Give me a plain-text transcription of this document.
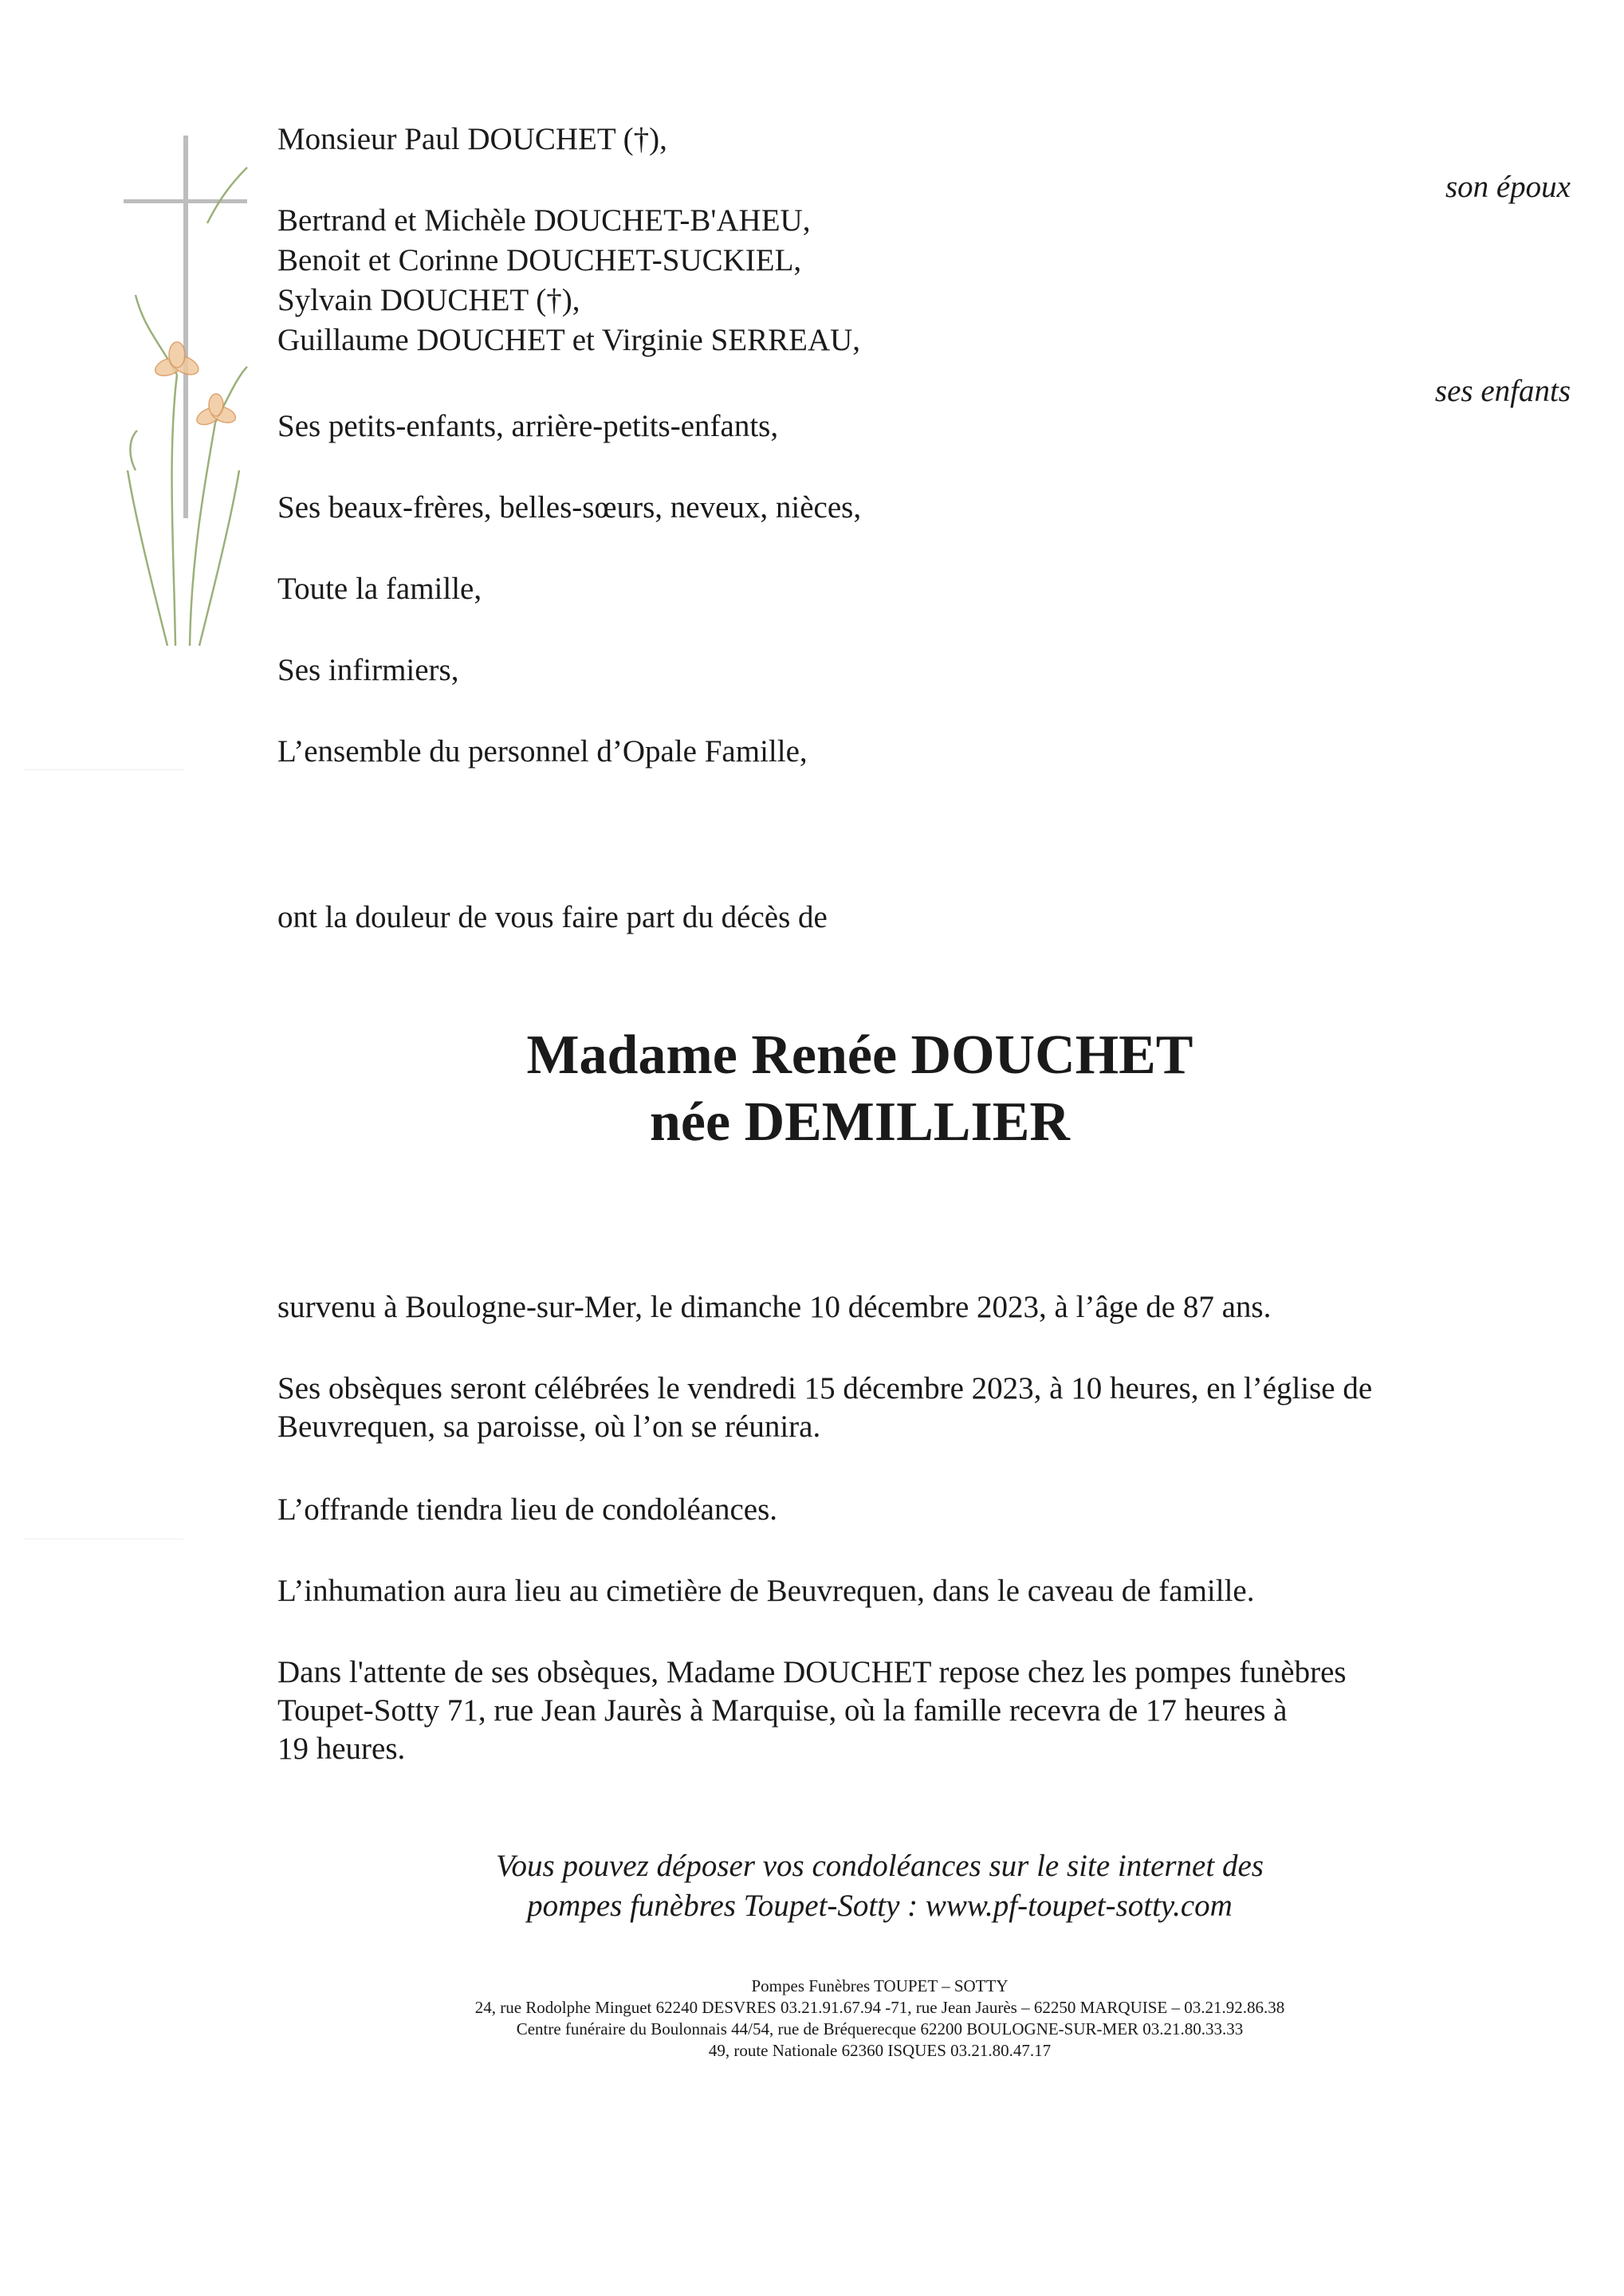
Monsieur Paul DOUCHET (†),
son époux
Bertrand et Michèle DOUCHET-B'AHEU,
Benoit et Corinne DOUCHET-SUCKIEL,
Sylvain DOUCHET (†),
Guillaume DOUCHET et Virginie SERREAU,
ses enfants
Ses petits-enfants, arrière-petits-enfants,
Ses beaux-frères, belles-sœurs, neveux, nièces,
Toute la famille,
Ses infirmiers,
L’ensemble du personnel d’Opale Famille,
ont la douleur de vous faire part du décès de
Madame Renée DOUCHET
née DEMILLIER
survenu à Boulogne-sur-Mer, le dimanche 10 décembre 2023, à l’âge de 87 ans.
Ses obsèques seront célébrées le vendredi 15 décembre 2023, à 10 heures, en l’église de
Beuvrequen, sa paroisse, où l’on se réunira.
L’offrande tiendra lieu de condoléances.
L’inhumation aura lieu au cimetière de Beuvrequen, dans le caveau de famille.
Dans l'attente de ses obsèques, Madame DOUCHET repose chez les pompes funèbres
Toupet-Sotty 71, rue Jean Jaurès à Marquise, où la famille recevra de 17 heures à
19 heures.
Vous pouvez déposer vos condoléances sur le site internet des
pompes funèbres Toupet-Sotty : www.pf-toupet-sotty.com
Pompes Funèbres TOUPET – SOTTY
24, rue Rodolphe Minguet 62240 DESVRES 03.21.91.67.94 -71, rue Jean Jaurès – 62250 MARQUISE – 03.21.92.86.38
Centre funéraire du Boulonnais 44/54, rue de Bréquerecque 62200 BOULOGNE-SUR-MER 03.21.80.33.33
49, route Nationale 62360 ISQUES 03.21.80.47.17
